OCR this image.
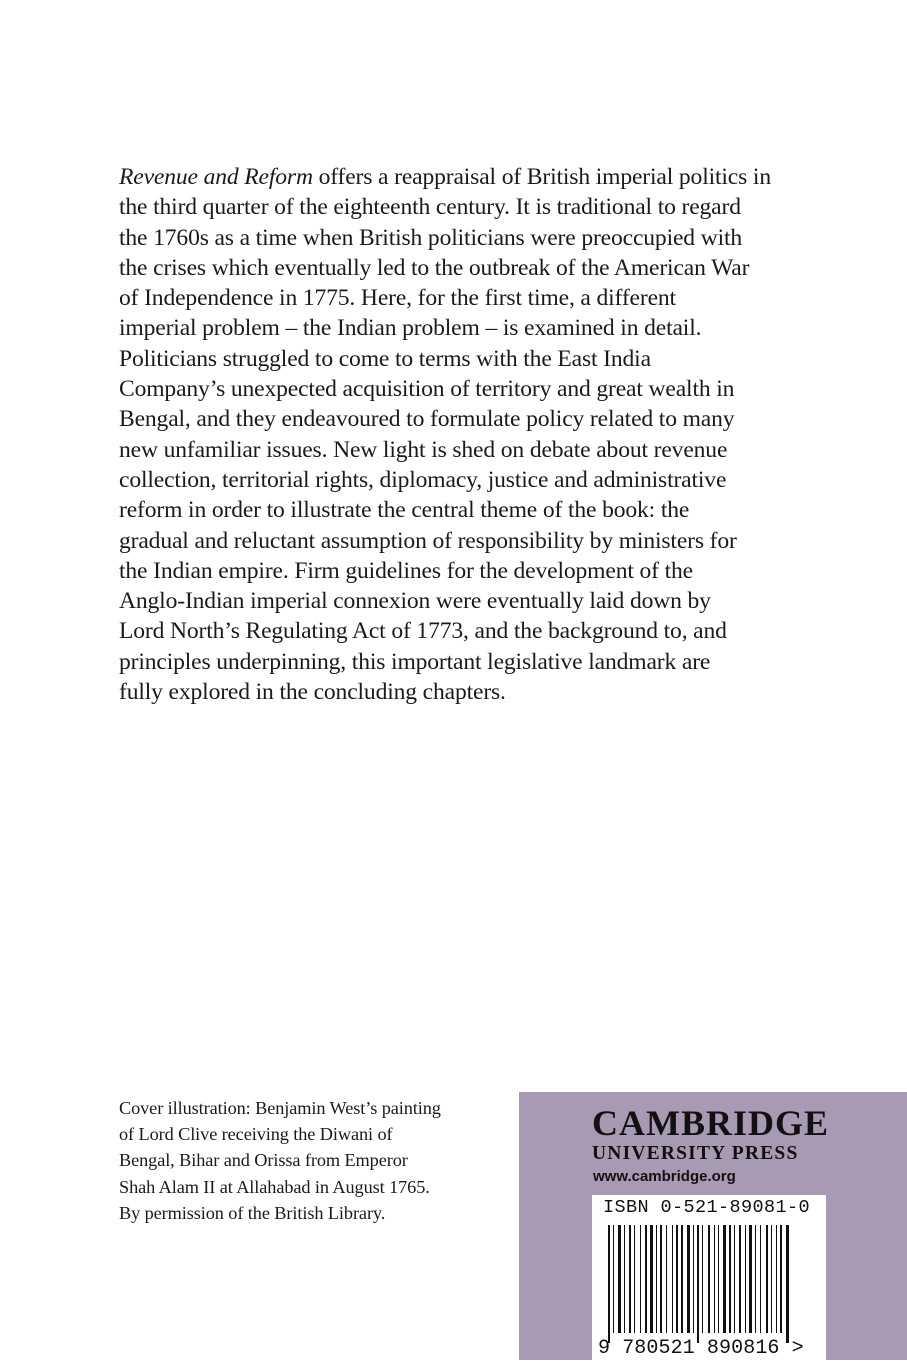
Revenue and Reform offers a reappraisal of British imperial politics in
the third quarter of the eighteenth century. It is traditional to regard
the 1760s as a time when British politicians were preoccupied with
the crises which eventually led to the outbreak of the American War
of Independence in 1775. Here, for the first time, a different
imperial problem – the Indian problem – is examined in detail.
Politicians struggled to come to terms with the East India
Company’s unexpected acquisition of territory and great wealth in
Bengal, and they endeavoured to formulate policy related to many
new unfamiliar issues. New light is shed on debate about revenue
collection, territorial rights, diplomacy, justice and administrative
reform in order to illustrate the central theme of the book: the
gradual and reluctant assumption of responsibility by ministers for
the Indian empire. Firm guidelines for the development of the
Anglo-Indian imperial connexion were eventually laid down by
Lord North’s Regulating Act of 1773, and the background to, and
principles underpinning, this important legislative landmark are
fully explored in the concluding chapters.
Cover illustration: Benjamin West’s painting
of Lord Clive receiving the Diwani of
Bengal, Bihar and Orissa from Emperor
Shah Alam II at Allahabad in August 1765.
By permission of the British Library.
CAMBRIDGE
UNIVERSITY PRESS
www.cambridge.org
ISBN 0-521-89081-0
9 780521 890816 >
